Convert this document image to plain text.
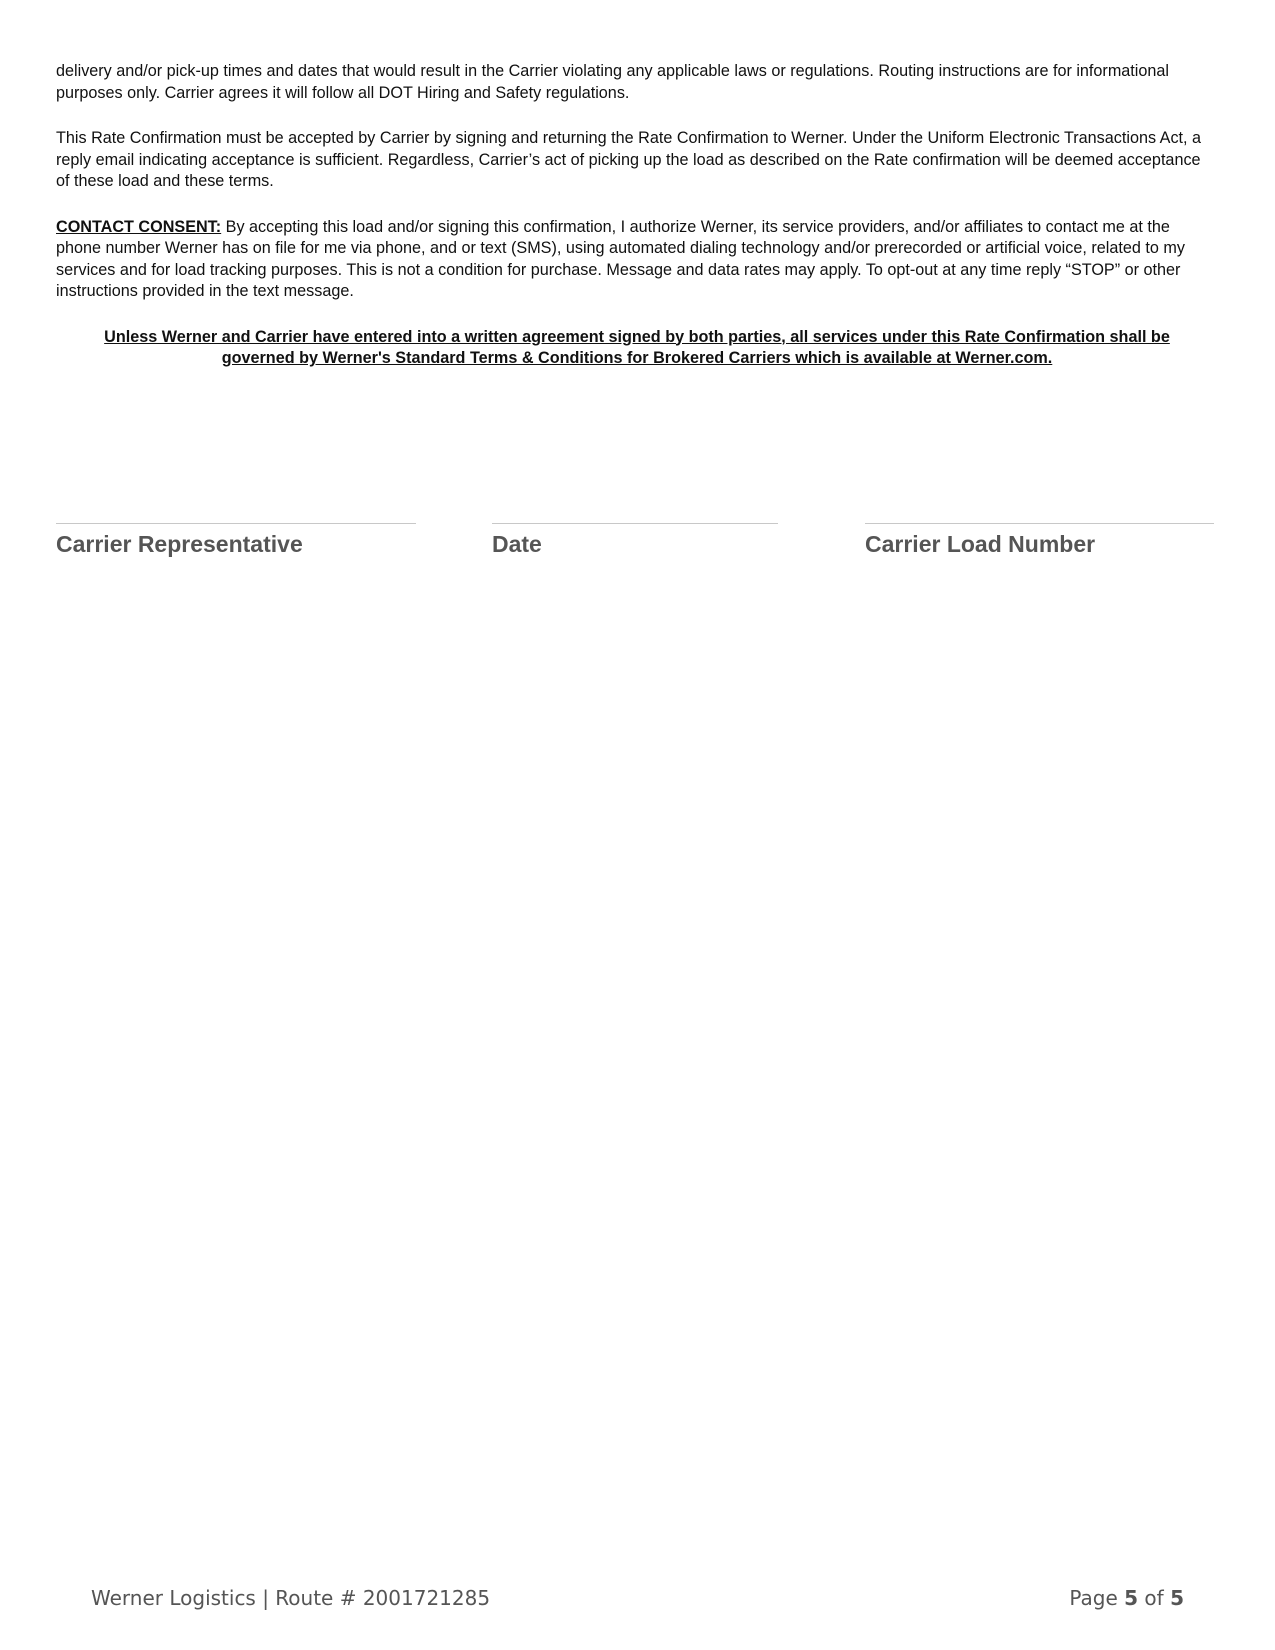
delivery and/or pick-up times and dates that would result in the Carrier violating any applicable laws or regulations. Routing instructions are for informational purposes only. Carrier agrees it will follow all DOT Hiring and Safety regulations.

This Rate Confirmation must be accepted by Carrier by signing and returning the Rate Confirmation to Werner. Under the Uniform Electronic Transactions Act, a reply email indicating acceptance is sufficient. Regardless, Carrier’s act of picking up the load as described on the Rate confirmation will be deemed acceptance of these load and these terms.

CONTACT CONSENT: By accepting this load and/or signing this confirmation, I authorize Werner, its service providers, and/or affiliates to contact me at the phone number Werner has on file for me via phone, and or text (SMS), using automated dialing technology and/or prerecorded or artificial voice, related to my services and for load tracking purposes. This is not a condition for purchase. Message and data rates may apply. To opt-out at any time reply “STOP” or other instructions provided in the text message.

Unless Werner and Carrier have entered into a written agreement signed by both parties, all services under this Rate Confirmation shall be governed by Werner's Standard Terms & Conditions for Brokered Carriers which is available at Werner.com.

Carrier Representative	Date	Carrier Load Number
Werner Logistics | Route # 2001721285	Page 5 of 5
